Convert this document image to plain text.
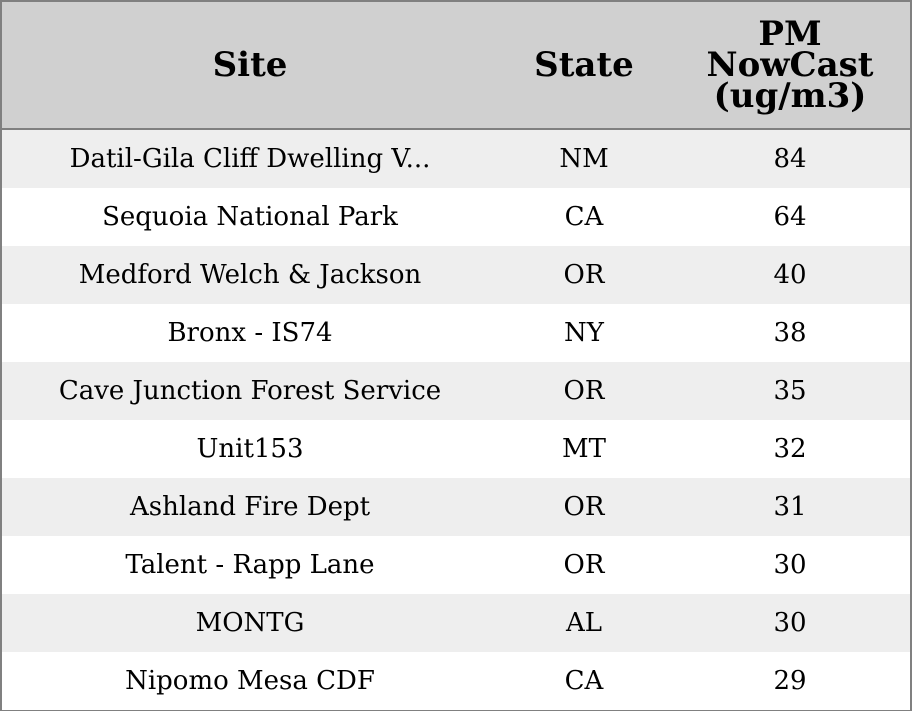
Site	State	PM
NowCast
(ug/m3)

Datil-Gila Cliff Dwelling V...	NM	84
Sequoia National Park	CA	64
Medford Welch & Jackson	OR	40
Bronx - IS74	NY	38
Cave Junction Forest Service	OR	35
Unit153	MT	32
Ashland Fire Dept	OR	31
Talent - Rapp Lane	OR	30
MONTG	AL	30
Nipomo Mesa CDF	CA	29
